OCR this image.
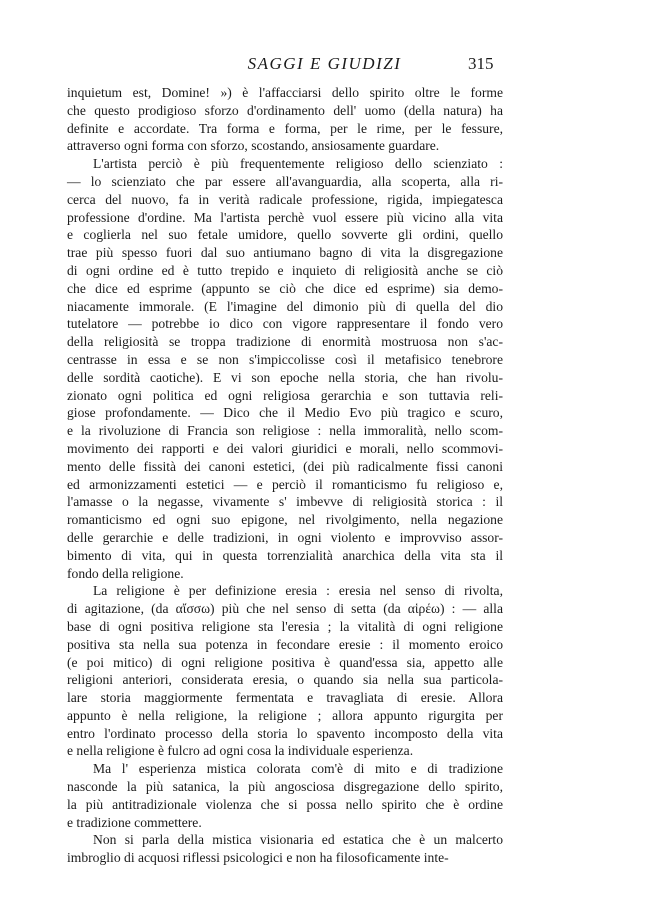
SAGGI E GIUDIZI	315
inquietum est, Domine! ») è l'affacciarsi dello spirito oltre le forme
che questo prodigioso sforzo d'ordinamento dell' uomo (della natura) ha
definite e accordate. Tra forma e forma, per le rime, per le fessure,
attraverso ogni forma con sforzo, scostando, ansiosamente guardare.
L'artista perciò è più frequentemente religioso dello scienziato :
— lo scienziato che par essere all'avanguardia, alla scoperta, alla ri-
cerca del nuovo, fa in verità radicale professione, rigida, impiegatesca
professione d'ordine. Ma l'artista perchè vuol essere più vicino alla vita
e coglierla nel suo fetale umidore, quello sovverte gli ordini, quello
trae più spesso fuori dal suo antiumano bagno di vita la disgregazione
di ogni ordine ed è tutto trepido e inquieto di religiosità anche se ciò
che dice ed esprime (appunto se ciò che dice ed esprime) sia demo-
niacamente immorale. (E l'imagine del dimonio più di quella del dio
tutelatore — potrebbe io dico con vigore rappresentare il fondo vero
della religiosità se troppa tradizione di enormità mostruosa non s'ac-
centrasse in essa e se non s'impiccolisse così il metafisico tenebrore
delle sordità caotiche). E vi son epoche nella storia, che han rivolu-
zionato ogni politica ed ogni religiosa gerarchia e son tuttavia reli-
giose profondamente. — Dico che il Medio Evo più tragico e scuro,
e la rivoluzione di Francia son religiose : nella immoralità, nello scom-
movimento dei rapporti e dei valori giuridici e morali, nello scommovi-
mento delle fissità dei canoni estetici, (dei più radicalmente fissi canoni
ed armonizzamenti estetici — e perciò il romanticismo fu religioso e,
l'amasse o la negasse, vivamente s' imbevve di religiosità storica : il
romanticismo ed ogni suo epigone, nel rivolgimento, nella negazione
delle gerarchie e delle tradizioni, in ogni violento e improvviso assor-
bimento di vita, qui in questa torrenzialità anarchica della vita sta il
fondo della religione.
La religione è per definizione eresia : eresia nel senso di rivolta,
di agitazione, (da αἴσσω) più che nel senso di setta (da αἱρέω) : — alla
base di ogni positiva religione sta l'eresia ; la vitalità di ogni religione
positiva sta nella sua potenza in fecondare eresie : il momento eroico
(e poi mitico) di ogni religione positiva è quand'essa sia, appetto alle
religioni anteriori, considerata eresia, o quando sia nella sua particola-
lare storia maggiormente fermentata e travagliata di eresie. Allora
appunto è nella religione, la religione ; allora appunto rigurgita per
entro l'ordinato processo della storia lo spavento incomposto della vita
e nella religione è fulcro ad ogni cosa la individuale esperienza.
Ma l' esperienza mistica colorata com'è di mito e di tradizione
nasconde la più satanica, la più angosciosa disgregazione dello spirito,
la più antitradizionale violenza che si possa nello spirito che è ordine
e tradizione commettere.
Non si parla della mistica visionaria ed estatica che è un malcerto
imbroglio di acquosi riflessi psicologici e non ha filosoficamente inte-
